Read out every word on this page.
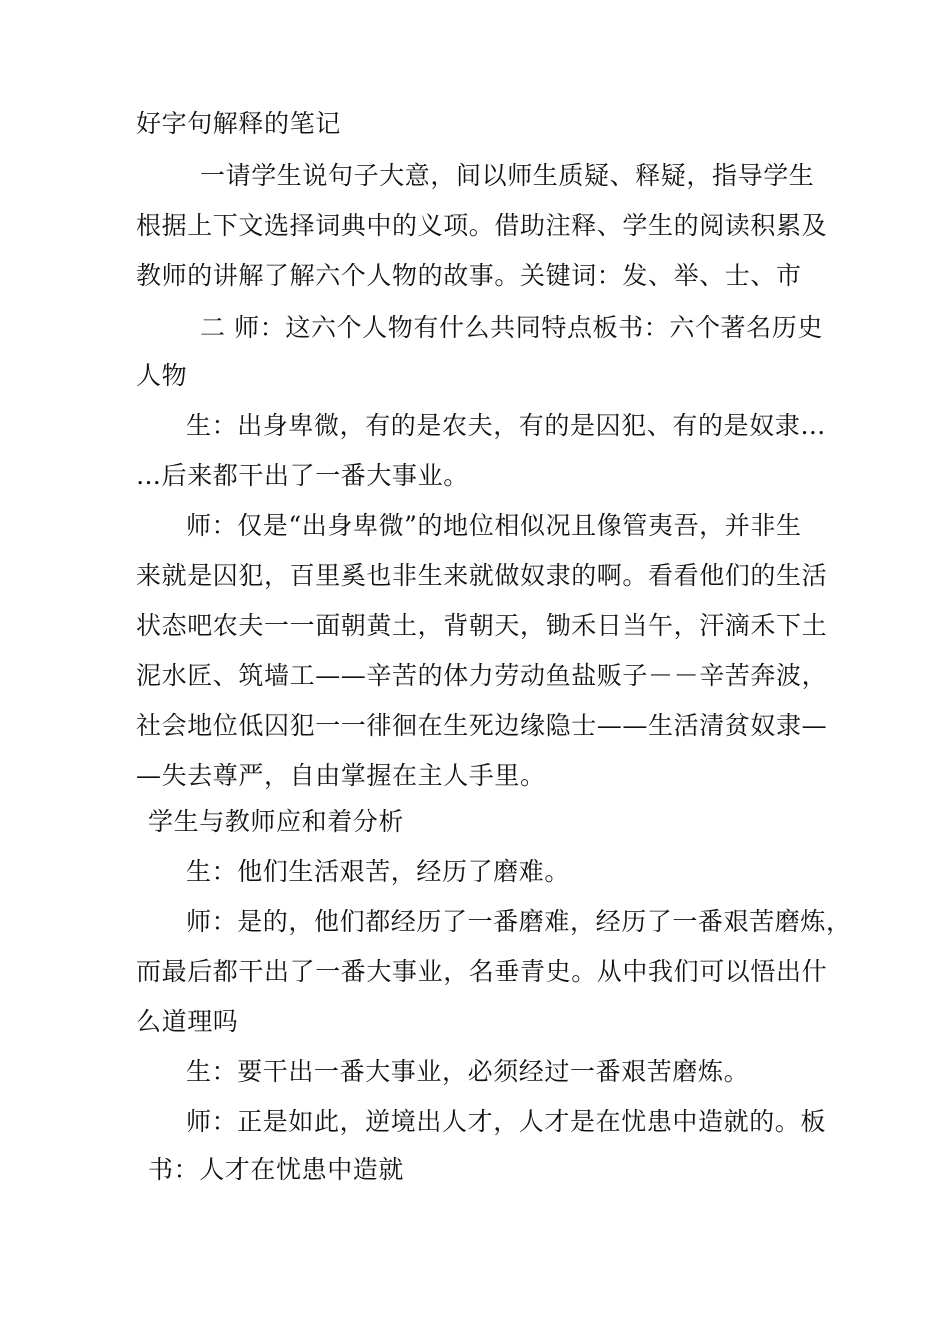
好字句解释的笔记
一请学生说句子大意，间以师生质疑、释疑，指导学生
根据上下文选择词典中的义项。借助注释、学生的阅读积累及
教师的讲解了解六个人物的故事。关键词：发、举、士、市
二 师：这六个人物有什么共同特点板书：六个著名历史
人物
生：出身卑微，有的是农夫，有的是囚犯、有的是奴隶…
…后来都干出了一番大事业。
师：仅是“出身卑微”的地位相似况且像管夷吾，并非生
来就是囚犯，百里奚也非生来就做奴隶的啊。看看他们的生活
状态吧农夫一一面朝黄土，背朝天，锄禾日当午，汗滴禾下土
泥水匠、筑墙工——辛苦的体力劳动鱼盐贩子－－辛苦奔波，
社会地位低囚犯一一徘徊在生死边缘隐士——生活清贫奴隶—
—失去尊严，自由掌握在主人手里。
学生与教师应和着分析
生：他们生活艰苦，经历了磨难。
师：是的，他们都经历了一番磨难，经历了一番艰苦磨炼，
而最后都干出了一番大事业，名垂青史。从中我们可以悟出什
么道理吗
生：要干出一番大事业，必须经过一番艰苦磨炼。
师：正是如此，逆境出人才，人才是在忧患中造就的。板
书：人才在忧患中造就
